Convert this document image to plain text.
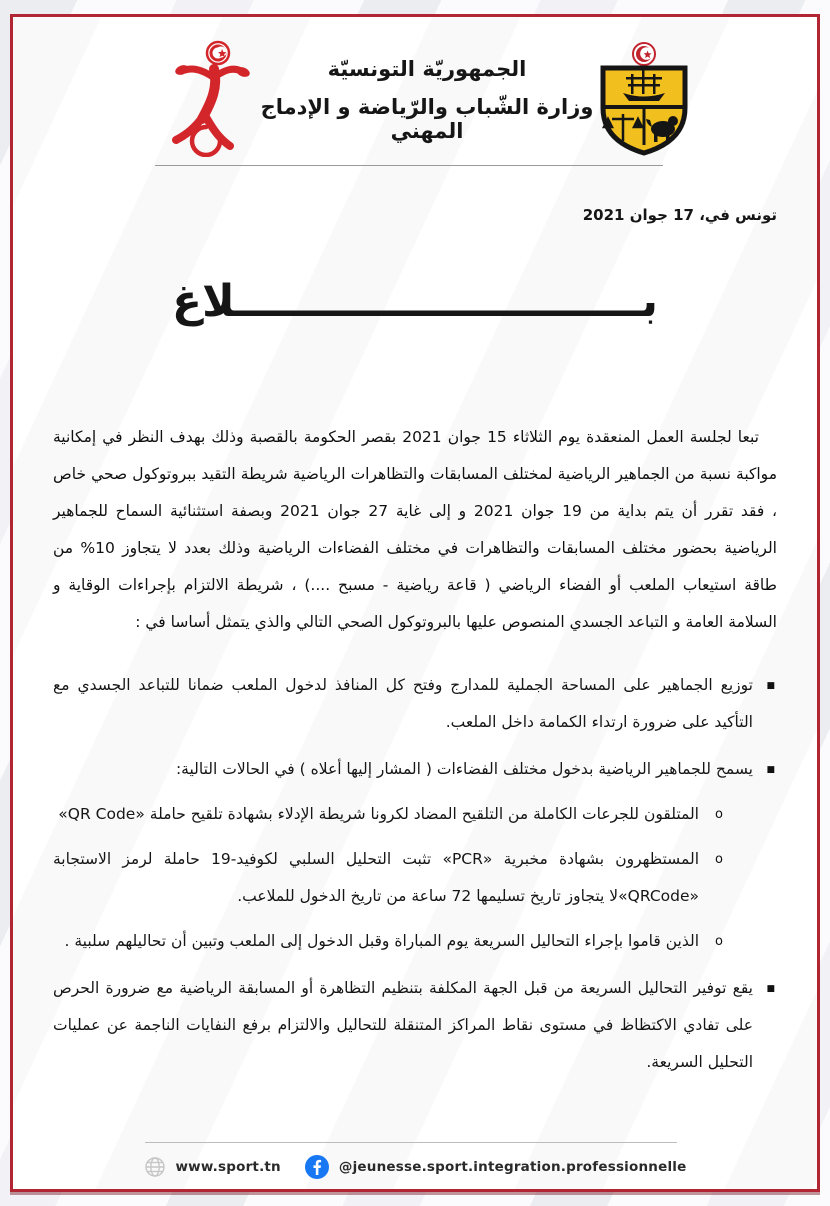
الجمهوريّة التونسيّة
وزارة الشّباب والرّياضة و الإدماج المهني
تونس في، 17 جوان 2021
بـــــــــــــــــــــــــــلاغ
تبعا لجلسة العمل المنعقدة يوم الثلاثاء 15 جوان 2021 بقصر الحكومة بالقصبة وذلك بهدف النظر في إمكانية مواكبة نسبة من الجماهير الرياضية لمختلف المسابقات والتظاهرات الرياضية شريطة التقيد ببروتوكول صحي خاص ، فقد تقرر أن يتم بداية من 19 جوان 2021 و إلى غاية 27 جوان 2021 وبصفة استثنائية السماح للجماهير الرياضية بحضور مختلف المسابقات والتظاهرات في مختلف الفضاءات الرياضية وذلك بعدد لا يتجاوز 10% من طاقة استيعاب الملعب أو الفضاء الرياضي ( قاعة رياضية - مسبح ....) ، شريطة الالتزام بإجراءات الوقاية و السلامة العامة و التباعد الجسدي المنصوص عليها بالبروتوكول الصحي التالي والذي يتمثل أساسا في :
■ توزيع الجماهير على المساحة الجملية للمدارج وفتح كل المنافذ لدخول الملعب ضمانا للتباعد الجسدي مع التأكيد على ضرورة ارتداء الكمامة داخل الملعب.
■ يسمح للجماهير الرياضية بدخول مختلف الفضاءات ( المشار إليها أعلاه ) في الحالات التالية:
o المتلقون للجرعات الكاملة من التلقيح المضاد لكرونا شريطة الإدلاء بشهادة تلقيح حاملة «QR Code»
o المستظهرون بشهادة مخبرية «PCR» تثبت التحليل السلبي لكوفيد-19 حاملة لرمز الاستجابة «QRCode»لا يتجاوز تاريخ تسليمها 72 ساعة من تاريخ الدخول للملاعب.
o الذين قاموا بإجراء التحاليل السريعة يوم المباراة وقبل الدخول إلى الملعب وتبين أن تحاليلهم سلبية .
■ يقع توفير التحاليل السريعة من قبل الجهة المكلفة بتنظيم التظاهرة أو المسابقة الرياضية مع ضرورة الحرص على تفادي الاكتظاظ في مستوى نقاط المراكز المتنقلة للتحاليل والالتزام برفع النفايات الناجمة عن عمليات التحليل السريعة.
www.sport.tn	@jeunesse.sport.integration.professionnelle
